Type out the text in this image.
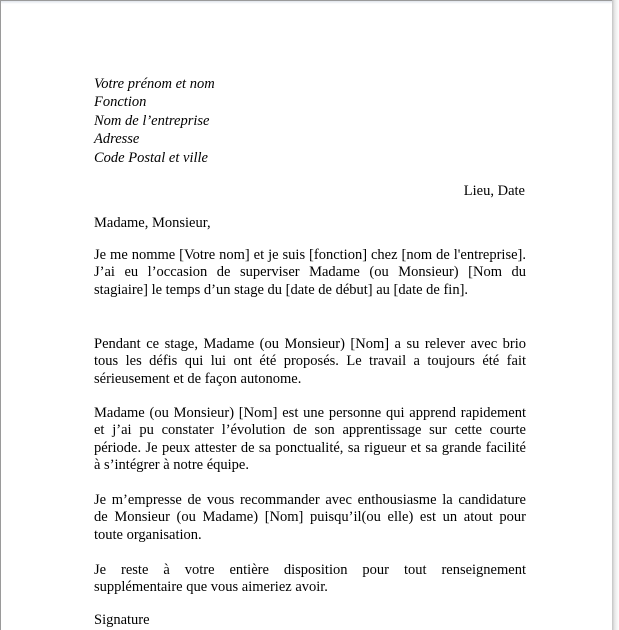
Votre prénom et nom
Fonction
Nom de l’entreprise
Adresse
Code Postal et ville
Lieu, Date
Madame, Monsieur,
Je me nomme [Votre nom] et je suis [fonction] chez [nom de l'entreprise]. J’ai eu l’occasion de superviser Madame (ou Monsieur) [Nom du stagiaire] le temps d’un stage du [date de début] au [date de fin].
Pendant ce stage, Madame (ou Monsieur) [Nom] a su relever avec brio tous les défis qui lui ont été proposés. Le travail a toujours été fait sérieusement et de façon autonome.
Madame (ou Monsieur) [Nom] est une personne qui apprend rapidement et j’ai pu constater l’évolution de son apprentissage sur cette courte période. Je peux attester de sa ponctualité, sa rigueur et sa grande facilité à s’intégrer à notre équipe.
Je m’empresse de vous recommander avec enthousiasme la candidature de Monsieur (ou Madame) [Nom] puisqu’il(ou elle) est un atout pour toute organisation.
Je reste à votre entière disposition pour tout renseignement supplémentaire que vous aimeriez avoir.
Signature
